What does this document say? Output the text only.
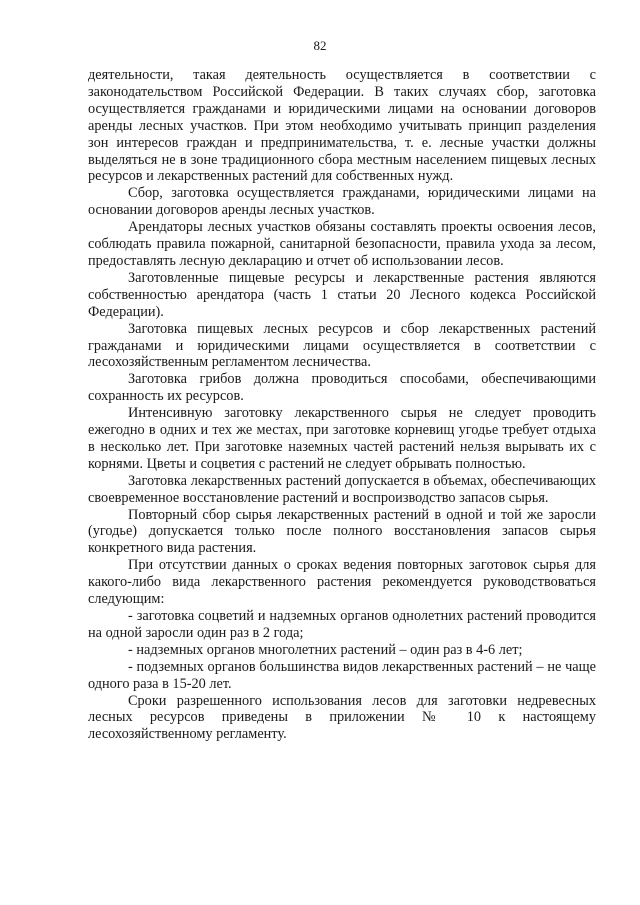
82

деятельности, такая деятельность осуществляется в соответствии с законодательством Российской Федерации. В таких случаях сбор, заготовка осуществляется гражданами и юридическими лицами на основании договоров аренды лесных участков. При этом необходимо учитывать принцип разделения зон интересов граждан и предпринимательства, т. е. лесные участки должны выделяться не в зоне традиционного сбора местным населением пищевых лесных ресурсов и лекарственных растений для собственных нужд.

Сбор, заготовка осуществляется гражданами, юридическими лицами на основании договоров аренды лесных участков.

Арендаторы лесных участков обязаны составлять проекты освоения лесов, соблюдать правила пожарной, санитарной безопасности, правила ухода за лесом, предоставлять лесную декларацию и отчет об использовании лесов.

Заготовленные пищевые ресурсы и лекарственные растения являются собственностью арендатора (часть 1 статьи 20 Лесного кодекса Российской Федерации).

Заготовка пищевых лесных ресурсов и сбор лекарственных растений гражданами и юридическими лицами осуществляется в соответствии с лесохозяйственным регламентом лесничества.

Заготовка грибов должна проводиться способами, обеспечивающими сохранность их ресурсов.

Интенсивную заготовку лекарственного сырья не следует проводить ежегодно в одних и тех же местах, при заготовке корневищ угодье требует отдыха в несколько лет. При заготовке наземных частей растений нельзя вырывать их с корнями. Цветы и соцветия с растений не следует обрывать полностью.

Заготовка лекарственных растений допускается в объемах, обеспечивающих своевременное восстановление растений и воспроизводство запасов сырья.

Повторный сбор сырья лекарственных растений в одной и той же заросли (угодье) допускается только после полного восстановления запасов сырья конкретного вида растения.

При отсутствии данных о сроках ведения повторных заготовок сырья для какого-либо вида лекарственного растения рекомендуется руководствоваться следующим:

- заготовка соцветий и надземных органов однолетних растений проводится на одной заросли один раз в 2 года;

- надземных органов многолетних растений – один раз в 4-6 лет;

- подземных органов большинства видов лекарственных растений – не чаще одного раза в 15-20 лет.

Сроки разрешенного использования лесов для заготовки недревесных лесных ресурсов приведены в приложении № 10 к настоящему лесохозяйственному регламенту.
